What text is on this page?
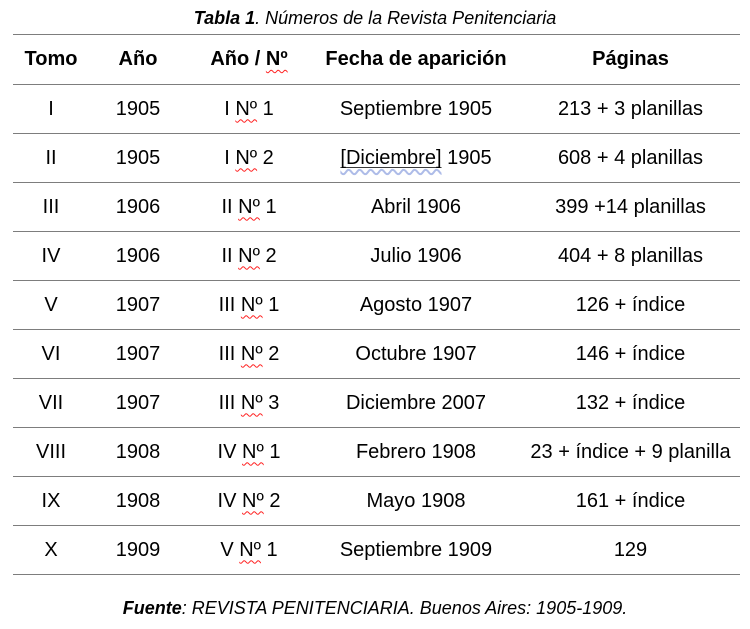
Tabla 1. Números de la Revista Penitenciaria
Tomo	Año	Año / Nº	Fecha de aparición	Páginas
I	1905	I Nº 1	Septiembre 1905	213 + 3 planillas
II	1905	I Nº 2	[Diciembre] 1905	608 + 4 planillas
III	1906	II Nº 1	Abril 1906	399 +14 planillas
IV	1906	II Nº 2	Julio 1906	404 + 8 planillas
V	1907	III Nº 1	Agosto 1907	126 + índice
VI	1907	III Nº 2	Octubre 1907	146 + índice
VII	1907	III Nº 3	Diciembre 2007	132 + índice
VIII	1908	IV Nº 1	Febrero 1908	23 + índice + 9 planilla
IX	1908	IV Nº 2	Mayo 1908	161 + índice
X	1909	V Nº 1	Septiembre 1909	129
Fuente: REVISTA PENITENCIARIA. Buenos Aires: 1905-1909.
